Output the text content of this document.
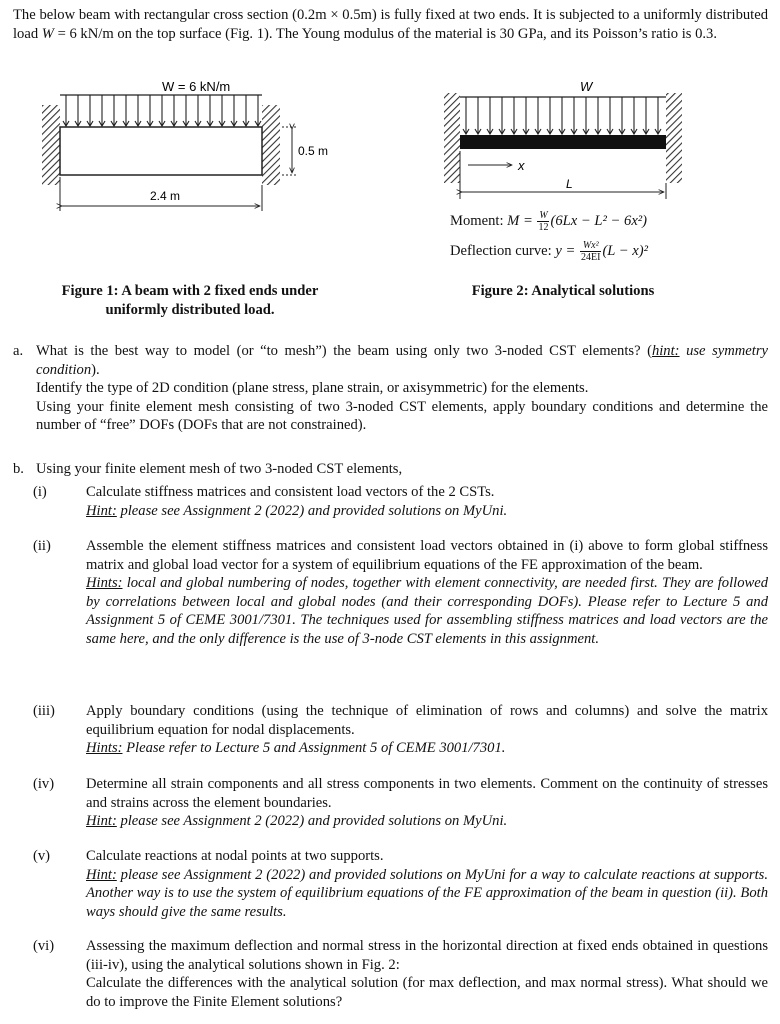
The below beam with rectangular cross section (0.2m × 0.5m) is fully fixed at two ends. It is subjected to a uniformly distributed load W = 6 kN/m on the top surface (Fig. 1). The Young modulus of the material is 30 GPa, and its Poisson’s ratio is 0.3.
W = 6 kN/m
0.5 m
2.4 m
Figure 1: A beam with 2 fixed ends under
uniformly distributed load.
W
x
L
Moment: $M = \frac{W}{12} (6Lx - L^2 - 6x^2)$
Deflection curve: $y = \frac{\text{Wx²}}{24EI} (L - x)^2$
Figure 2: Analytical solutions
a. What is the best way to model (or “to mesh”) the beam using only two 3-noded CST elements? (hint: use symmetry condition).

Identify the type of 2D condition (plane stress, plane strain, or axisymmetric) for the elements.

Using your finite element mesh consisting of two 3-noded CST elements, apply boundary conditions and determine the number of “free” DOFs (DOFs that are not constrained).

b. Using your finite element mesh of two 3-noded CST elements,
(i)	Calculate stiffness matrices and consistent load vectors of the 2 CSTs.

Hint: please see Assignment 2 (2022) and provided solutions on MyUni.

(ii) Assemble the element stiffness matrices and consistent load vectors obtained in (i) above to form global stiffness matrix and global load vector for a system of equilibrium equations of the FE approximation of the beam.

Hints: local and global numbering of nodes, together with element connectivity, are needed first. They are followed by correlations between local and global nodes (and their corresponding DOFs). Please refer to Lecture 5 and Assignment 5 of CEME 3001/7301. The techniques used for assembling stiffness matrices and load vectors are the same here, and the only difference is the use of 3-node CST elements in this assignment.

(iii) Apply boundary conditions (using the technique of elimination of rows and columns) and solve the matrix equilibrium equation for nodal displacements.

Hints: Please refer to Lecture 5 and Assignment 5 of CEME 3001/7301.

(iv) Determine all strain components and all stress components in two elements. Comment on the continuity of stresses and strains across the element boundaries.

Hint: please see Assignment 2 (2022) and provided solutions on MyUni.

(v) Calculate reactions at nodal points at two supports.

Hint: please see Assignment 2 (2022) and provided solutions on MyUni for a way to calculate reactions at supports. Another way is to use the system of equilibrium equations of the FE approximation of the beam in question (ii). Both ways should give the same results.

(vi) Assessing the maximum deflection and normal stress in the horizontal direction at fixed ends obtained in questions (iii-iv), using the analytical solutions shown in Fig. 2:

Calculate the differences with the analytical solution (for max deflection, and max normal stress). What should we do to improve the Finite Element solutions?
